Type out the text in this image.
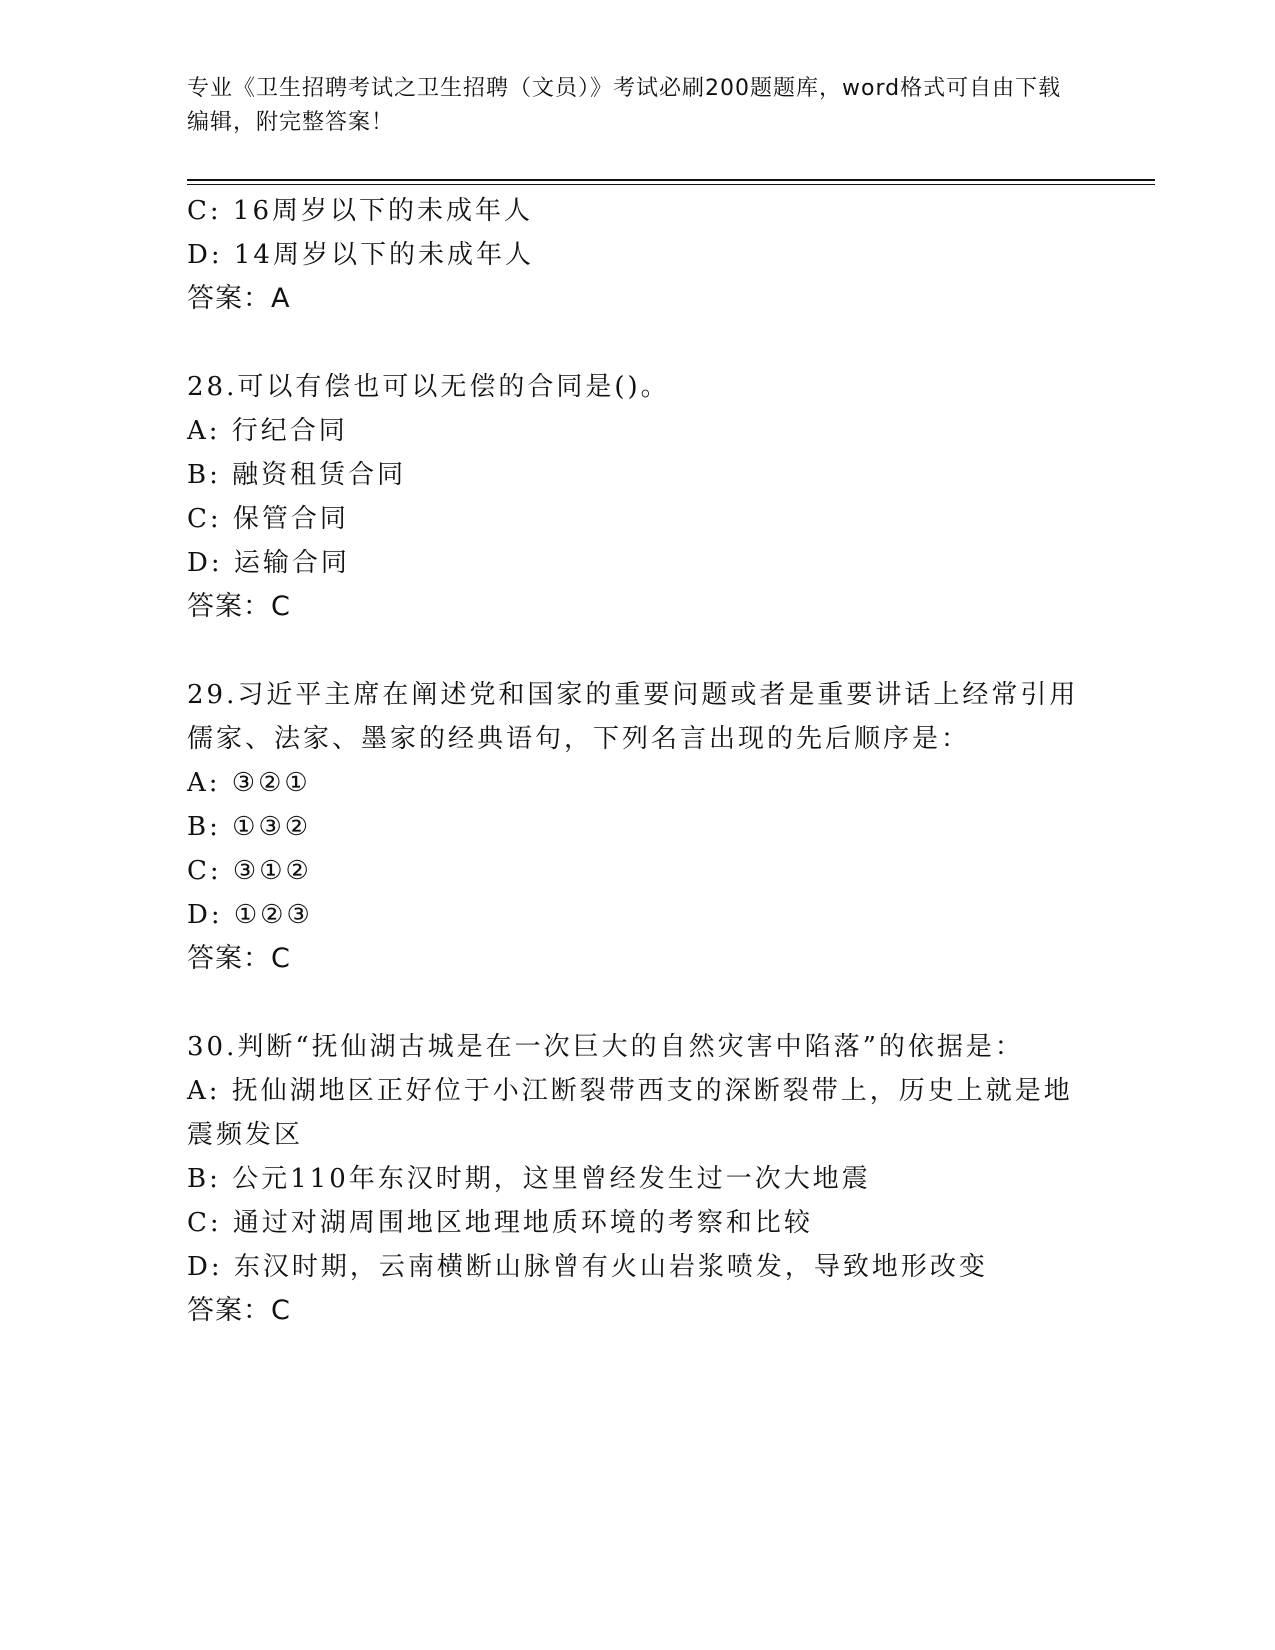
专业《卫生招聘考试之卫生招聘（文员）》考试必刷200题题库，word格式可自由下载编辑，附完整答案！
C: 16周岁以下的未成年人
D: 14周岁以下的未成年人
答案：A
28.可以有偿也可以无偿的合同是()。
A: 行纪合同
B: 融资租赁合同
C: 保管合同
D: 运输合同
答案：C
29.习近平主席在阐述党和国家的重要问题或者是重要讲话上经常引用
儒家、法家、墨家的经典语句，下列名言出现的先后顺序是：
A: ③②①
B: ①③②
C: ③①②
D: ①②③
答案：C
30.判断“抚仙湖古城是在一次巨大的自然灾害中陷落”的依据是：
A: 抚仙湖地区正好位于小江断裂带西支的深断裂带上，历史上就是地
震频发区
B: 公元110年东汉时期，这里曾经发生过一次大地震
C: 通过对湖周围地区地理地质环境的考察和比较
D: 东汉时期，云南横断山脉曾有火山岩浆喷发，导致地形改变
答案：C
